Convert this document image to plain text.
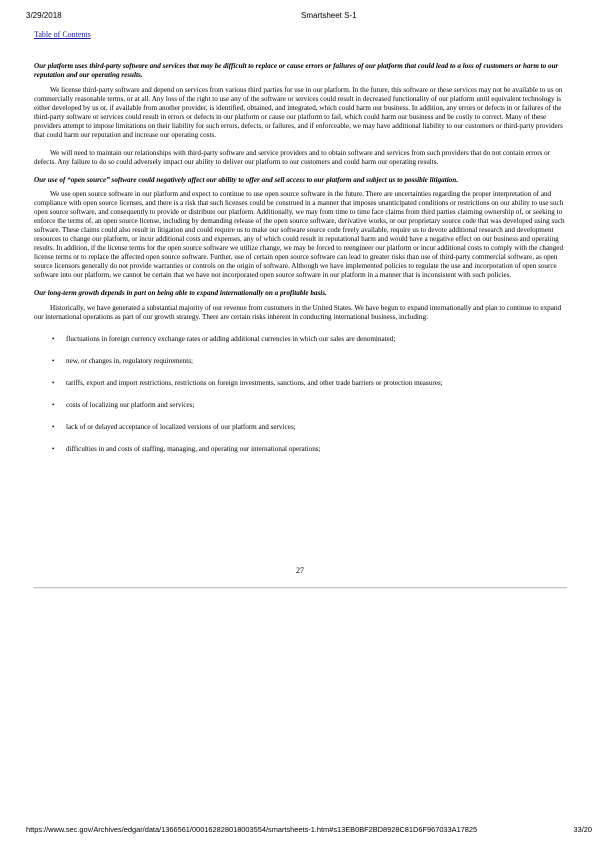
3/29/2018	Smartsheet S-1
Table of Contents

Our platform uses third-party software and services that may be difficult to replace or cause errors or failures of our platform that could lead to a loss of customers or harm to our reputation and our operating results.

We license third-party software and depend on services from various third parties for use in our platform. In the future, this software or these services may not be available to us on commercially reasonable terms, or at all. Any loss of the right to use any of the software or services could result in decreased functionality of our platform until equivalent technology is either developed by us or, if available from another provider, is identified, obtained, and integrated, which could harm our business. In addition, any errors or defects in or failures of the third-party software or services could result in errors or defects in our platform or cause our platform to fail, which could harm our business and be costly to correct. Many of these providers attempt to impose limitations on their liability for such errors, defects, or failures, and if enforceable, we may have additional liability to our customers or third-party providers that could harm our reputation and increase our operating costs.

We will need to maintain our relationships with third-party software and service providers and to obtain software and services from such providers that do not contain errors or defects. Any failure to do so could adversely impact our ability to deliver our platform to our customers and could harm our operating results.

Our use of “open source” software could negatively affect our ability to offer and sell access to our platform and subject us to possible litigation.

We use open source software in our platform and expect to continue to use open source software in the future. There are uncertainties regarding the proper interpretation of and compliance with open source licenses, and there is a risk that such licenses could be construed in a manner that imposes unanticipated conditions or restrictions on our ability to use such open source software, and consequently to provide or distribute our platform. Additionally, we may from time to time face claims from third parties claiming ownership of, or seeking to enforce the terms of, an open source license, including by demanding release of the open source software, derivative works, or our proprietary source code that was developed using such software. These claims could also result in litigation and could require us to make our software source code freely available, require us to devote additional research and development resources to change our platform, or incur additional costs and expenses, any of which could result in reputational harm and would have a negative effect on our business and operating results. In addition, if the license terms for the open source software we utilize change, we may be forced to reengineer our platform or incur additional costs to comply with the changed license terms or to replace the affected open source software. Further, use of certain open source software can lead to greater risks than use of third-party commercial software, as open source licensors generally do not provide warranties or controls on the origin of software. Although we have implemented policies to regulate the use and incorporation of open source software into our platform, we cannot be certain that we have not incorporated open source software in our platform in a manner that is inconsistent with such policies.

Our long-term growth depends in part on being able to expand internationally on a profitable basis.

Historically, we have generated a substantial majority of our revenue from customers in the United States. We have begun to expand internationally and plan to continue to expand our international operations as part of our growth strategy. There are certain risks inherent in conducting international business, including:

• fluctuations in foreign currency exchange rates or adding additional currencies in which our sales are denominated;

• new, or changes in, regulatory requirements;

• tariffs, export and import restrictions, restrictions on foreign investments, sanctions, and other trade barriers or protection measures;

• costs of localizing our platform and services;

• lack of or delayed acceptance of localized versions of our platform and services;

• difficulties in and costs of staffing, managing, and operating our international operations;

27
https://www.sec.gov/Archives/edgar/data/1366561/000162828018003554/smartsheets-1.htm#s13EB0BF2BD8928C81D6F967033A17825	33/20
